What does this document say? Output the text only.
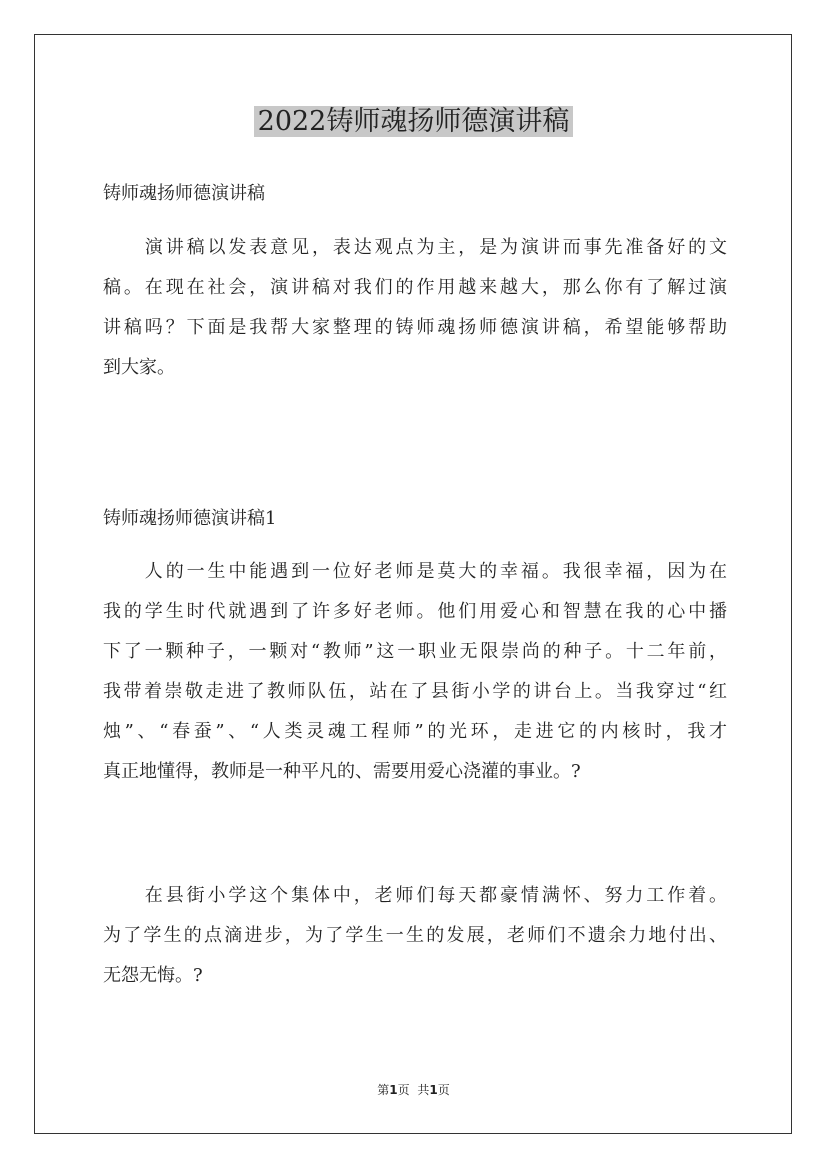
2022铸师魂扬师德演讲稿
铸师魂扬师德演讲稿
　　演讲稿以发表意见，表达观点为主，是为演讲而事先准备好的文
稿。在现在社会，演讲稿对我们的作用越来越大，那么你有了解过演
讲稿吗？下面是我帮大家整理的铸师魂扬师德演讲稿，希望能够帮助
到大家。
铸师魂扬师德演讲稿1
　　人的一生中能遇到一位好老师是莫大的幸福。我很幸福，因为在
我的学生时代就遇到了许多好老师。他们用爱心和智慧在我的心中播
下了一颗种子，一颗对“教师”这一职业无限崇尚的种子。十二年前，
我带着崇敬走进了教师队伍，站在了县街小学的讲台上。当我穿过“红
烛”、“春蚕”、“人类灵魂工程师”的光环，走进它的内核时，我才
真正地懂得，教师是一种平凡的、需要用爱心浇灌的事业。?
　　在县街小学这个集体中，老师们每天都豪情满怀、努力工作着。
为了学生的点滴进步，为了学生一生的发展，老师们不遗余力地付出、
无怨无悔。?
第1页 共1页
